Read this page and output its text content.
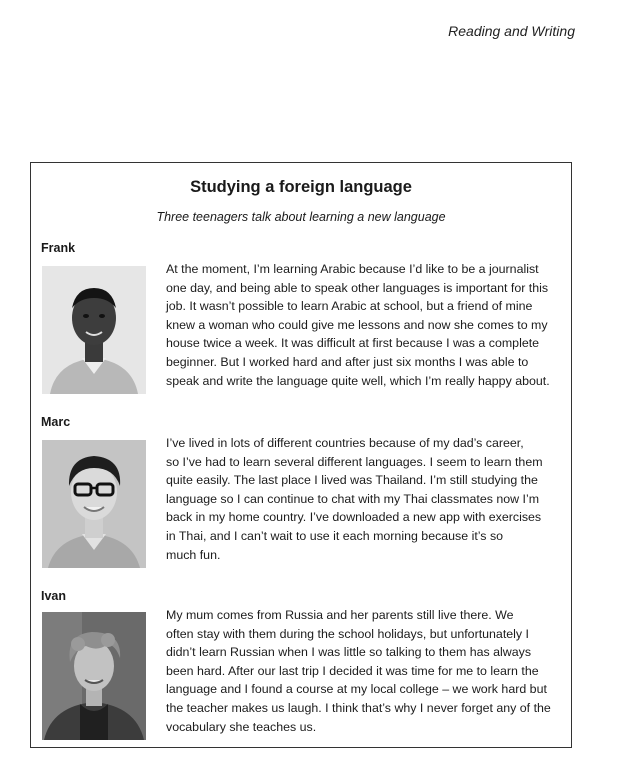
Reading and Writing
Studying a foreign language
Three teenagers talk about learning a new language
Frank
At the moment, I’m learning Arabic because I’d like to be a journalist
one day, and being able to speak other languages is important for this
job. It wasn’t possible to learn Arabic at school, but a friend of mine
knew a woman who could give me lessons and now she comes to my
house twice a week. It was difficult at first because I was a complete
beginner. But I worked hard and after just six months I was able to
speak and write the language quite well, which I’m really happy about.
Marc
I’ve lived in lots of different countries because of my dad’s career,
so I’ve had to learn several different languages. I seem to learn them
quite easily. The last place I lived was Thailand. I’m still studying the
language so I can continue to chat with my Thai classmates now I’m
back in my home country. I’ve downloaded a new app with exercises
in Thai, and I can’t wait to use it each morning because it’s so
much fun.
Ivan
My mum comes from Russia and her parents still live there. We
often stay with them during the school holidays, but unfortunately I
didn’t learn Russian when I was little so talking to them has always
been hard. After our last trip I decided it was time for me to learn the
language and I found a course at my local college – we work hard but
the teacher makes us laugh. I think that’s why I never forget any of the
vocabulary she teaches us.
